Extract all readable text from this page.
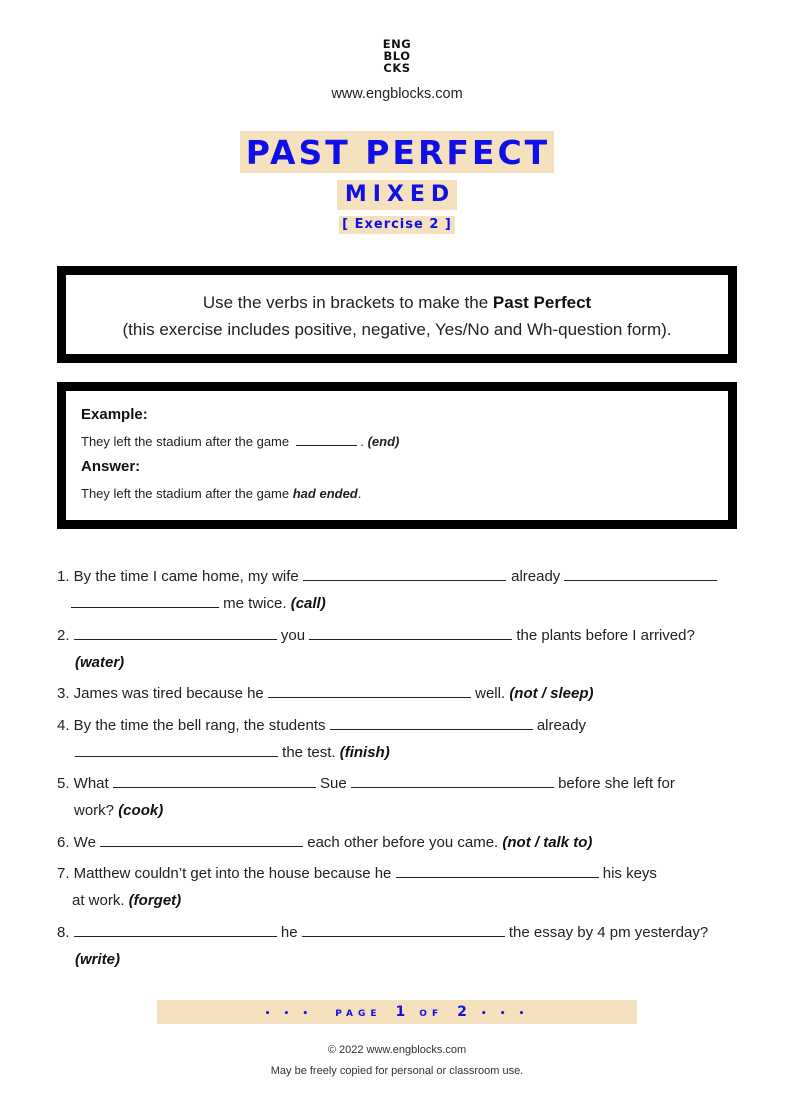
ENG
BLO
CKS
www.engblocks.com
PAST PERFECT
MIXED
[ Exercise 2 ]
Use the verbs in brackets to make the Past Perfect
(this exercise includes positive, negative, Yes/No and Wh-question form).
Example:
They left the stadium after the game	. (end)
Answer:
They left the stadium after the game had ended.
1. By the time I came home, my wife	already
me twice. (call)
2.	you	the plants before I arrived?
(water)
3. James was tired because he	well. (not / sleep)
4. By the time the bell rang, the students	already
the test. (finish)
5. What	Sue	before she left for
work? (cook)
6. We	each other before you came. (not / talk to)
7. Matthew couldn’t get into the house because he	his keys
at work. (forget)
8.	he	the essay by 4 pm yesterday?
(write)
• • • PAGE 1 OF 2 • • •
© 2022 www.engblocks.com
May be freely copied for personal or classroom use.
